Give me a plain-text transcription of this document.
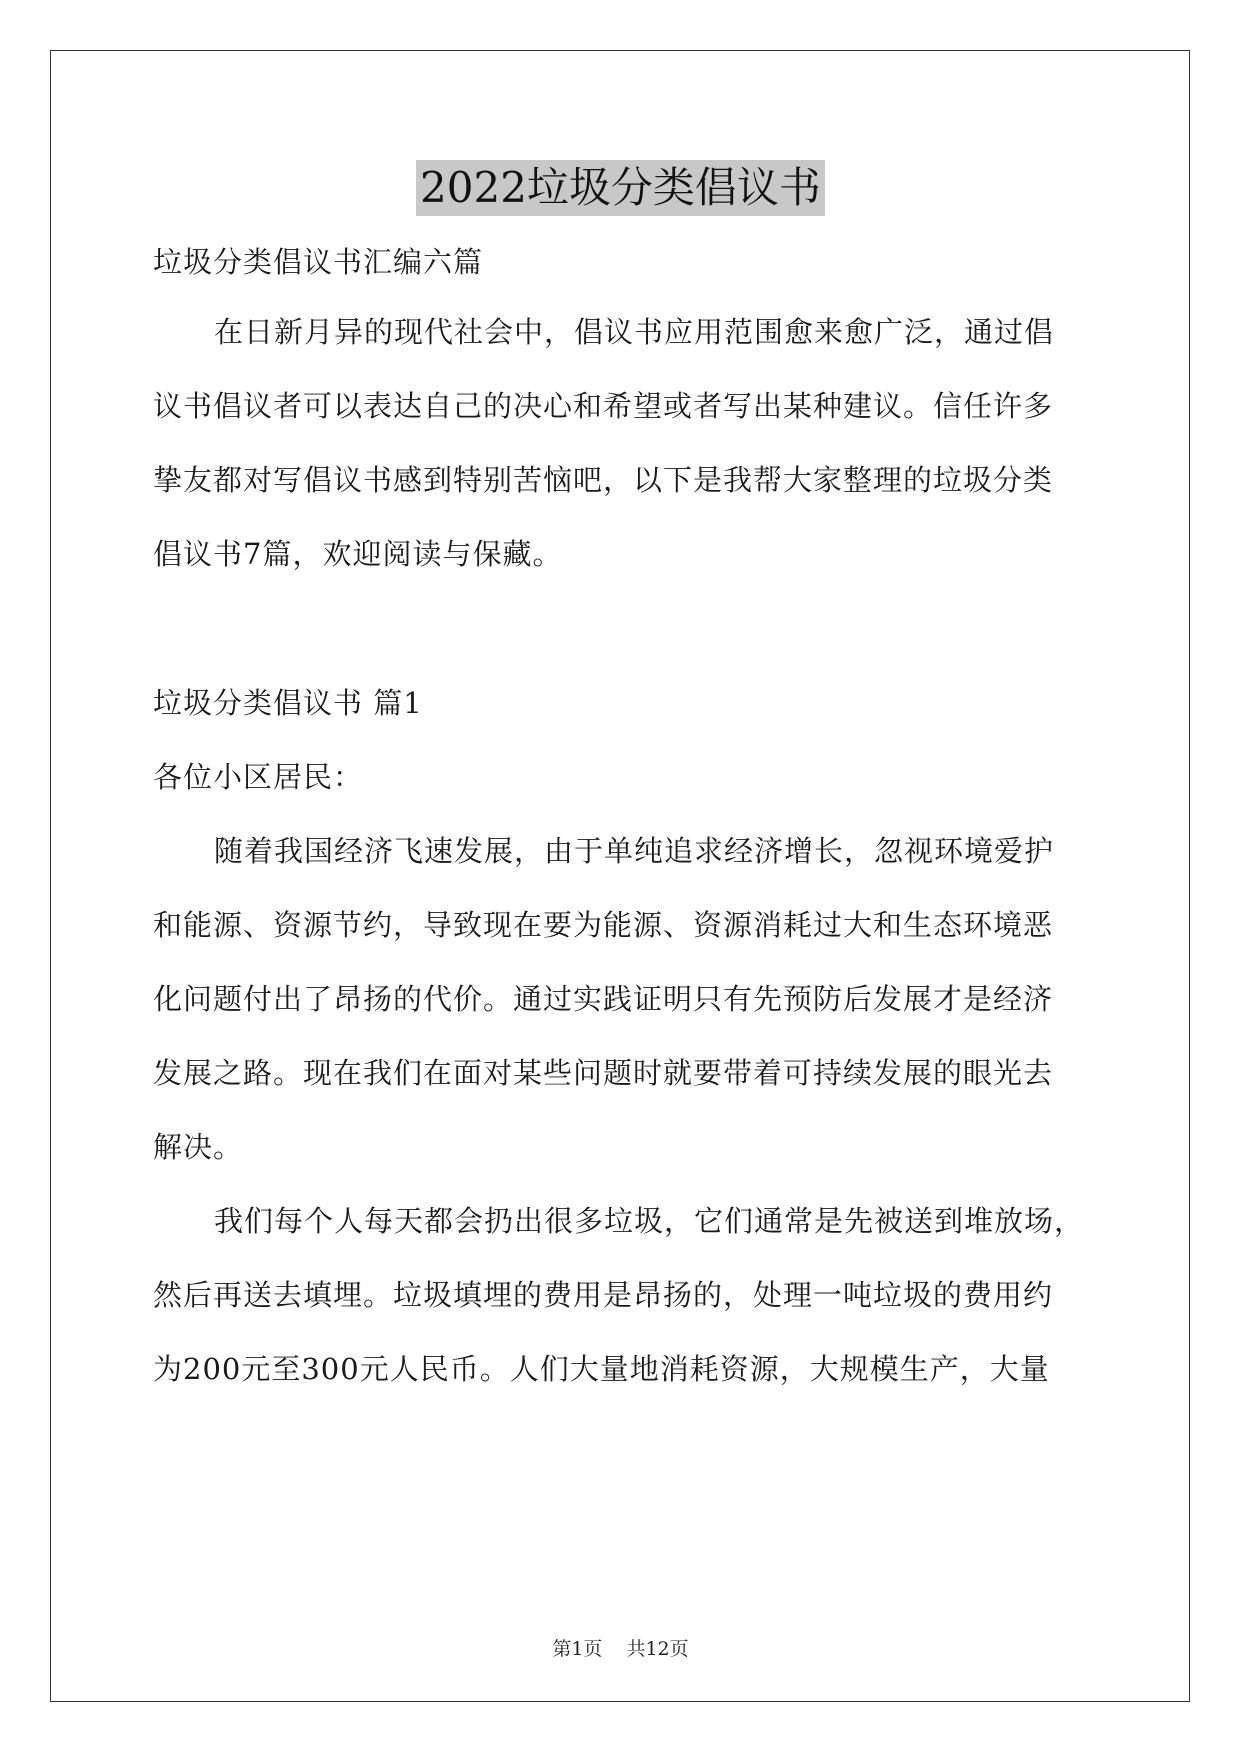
2022垃圾分类倡议书
垃圾分类倡议书汇编六篇
在日新月异的现代社会中，倡议书应用范围愈来愈广泛，通过倡
议书倡议者可以表达自己的决心和希望或者写出某种建议。信任许多
挚友都对写倡议书感到特别苦恼吧，以下是我帮大家整理的垃圾分类
倡议书7篇，欢迎阅读与保藏。
垃圾分类倡议书 篇1
各位小区居民：
随着我国经济飞速发展，由于单纯追求经济增长，忽视环境爱护
和能源、资源节约，导致现在要为能源、资源消耗过大和生态环境恶
化问题付出了昂扬的代价。通过实践证明只有先预防后发展才是经济
发展之路。现在我们在面对某些问题时就要带着可持续发展的眼光去
解决。
我们每个人每天都会扔出很多垃圾，它们通常是先被送到堆放场，
然后再送去填埋。垃圾填埋的费用是昂扬的，处理一吨垃圾的费用约
为200元至300元人民币。人们大量地消耗资源，大规模生产，大量
第1页 共12页
